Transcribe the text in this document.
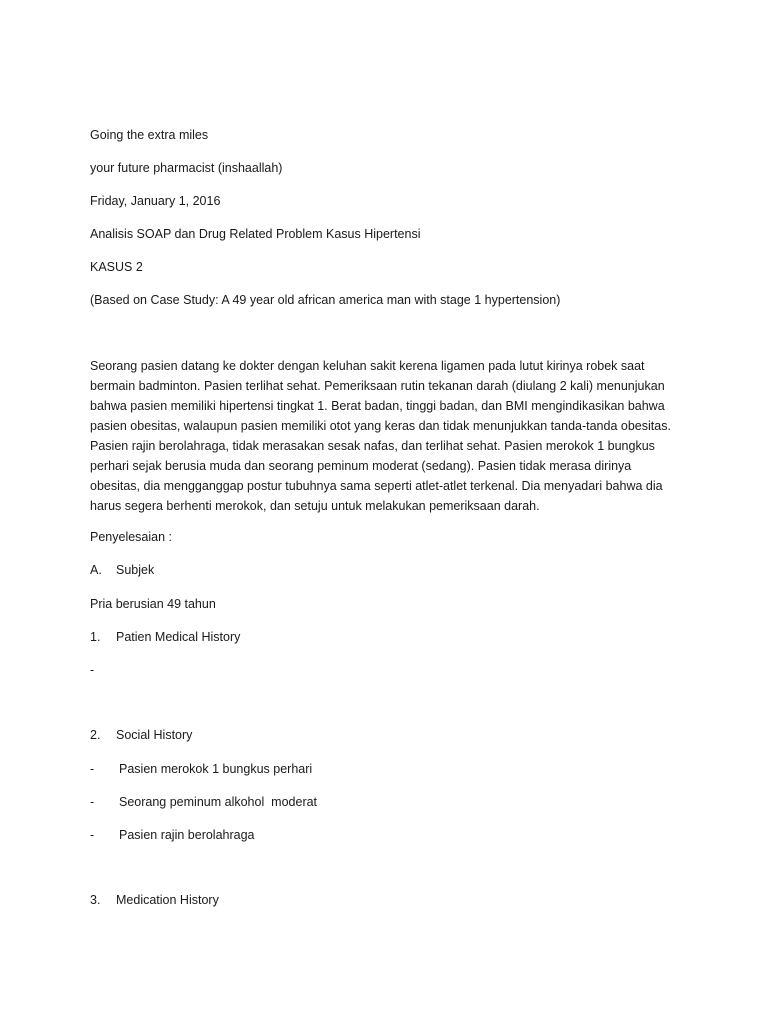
Going the extra miles
your future pharmacist (inshaallah)
Friday, January 1, 2016
Analisis SOAP dan Drug Related Problem Kasus Hipertensi
KASUS 2
(Based on Case Study: A 49 year old african america man with stage 1 hypertension)
Seorang pasien datang ke dokter dengan keluhan sakit kerena ligamen pada lutut kirinya robek saat
bermain badminton. Pasien terlihat sehat. Pemeriksaan rutin tekanan darah (diulang 2 kali) menunjukan
bahwa pasien memiliki hipertensi tingkat 1. Berat badan, tinggi badan, dan BMI mengindikasikan bahwa
pasien obesitas, walaupun pasien memiliki otot yang keras dan tidak menunjukkan tanda-tanda obesitas.
Pasien rajin berolahraga, tidak merasakan sesak nafas, dan terlihat sehat. Pasien merokok 1 bungkus
perhari sejak berusia muda dan seorang peminum moderat (sedang). Pasien tidak merasa dirinya
obesitas, dia mengganggap postur tubuhnya sama seperti atlet-atlet terkenal. Dia menyadari bahwa dia
harus segera berhenti merokok, dan setuju untuk melakukan pemeriksaan darah.
Penyelesaian :
A. Subjek
Pria berusian 49 tahun
1. Patien Medical History
-
2. Social History
- Pasien merokok 1 bungkus perhari
- Seorang peminum alkohol  moderat
- Pasien rajin berolahraga
3. Medication History
